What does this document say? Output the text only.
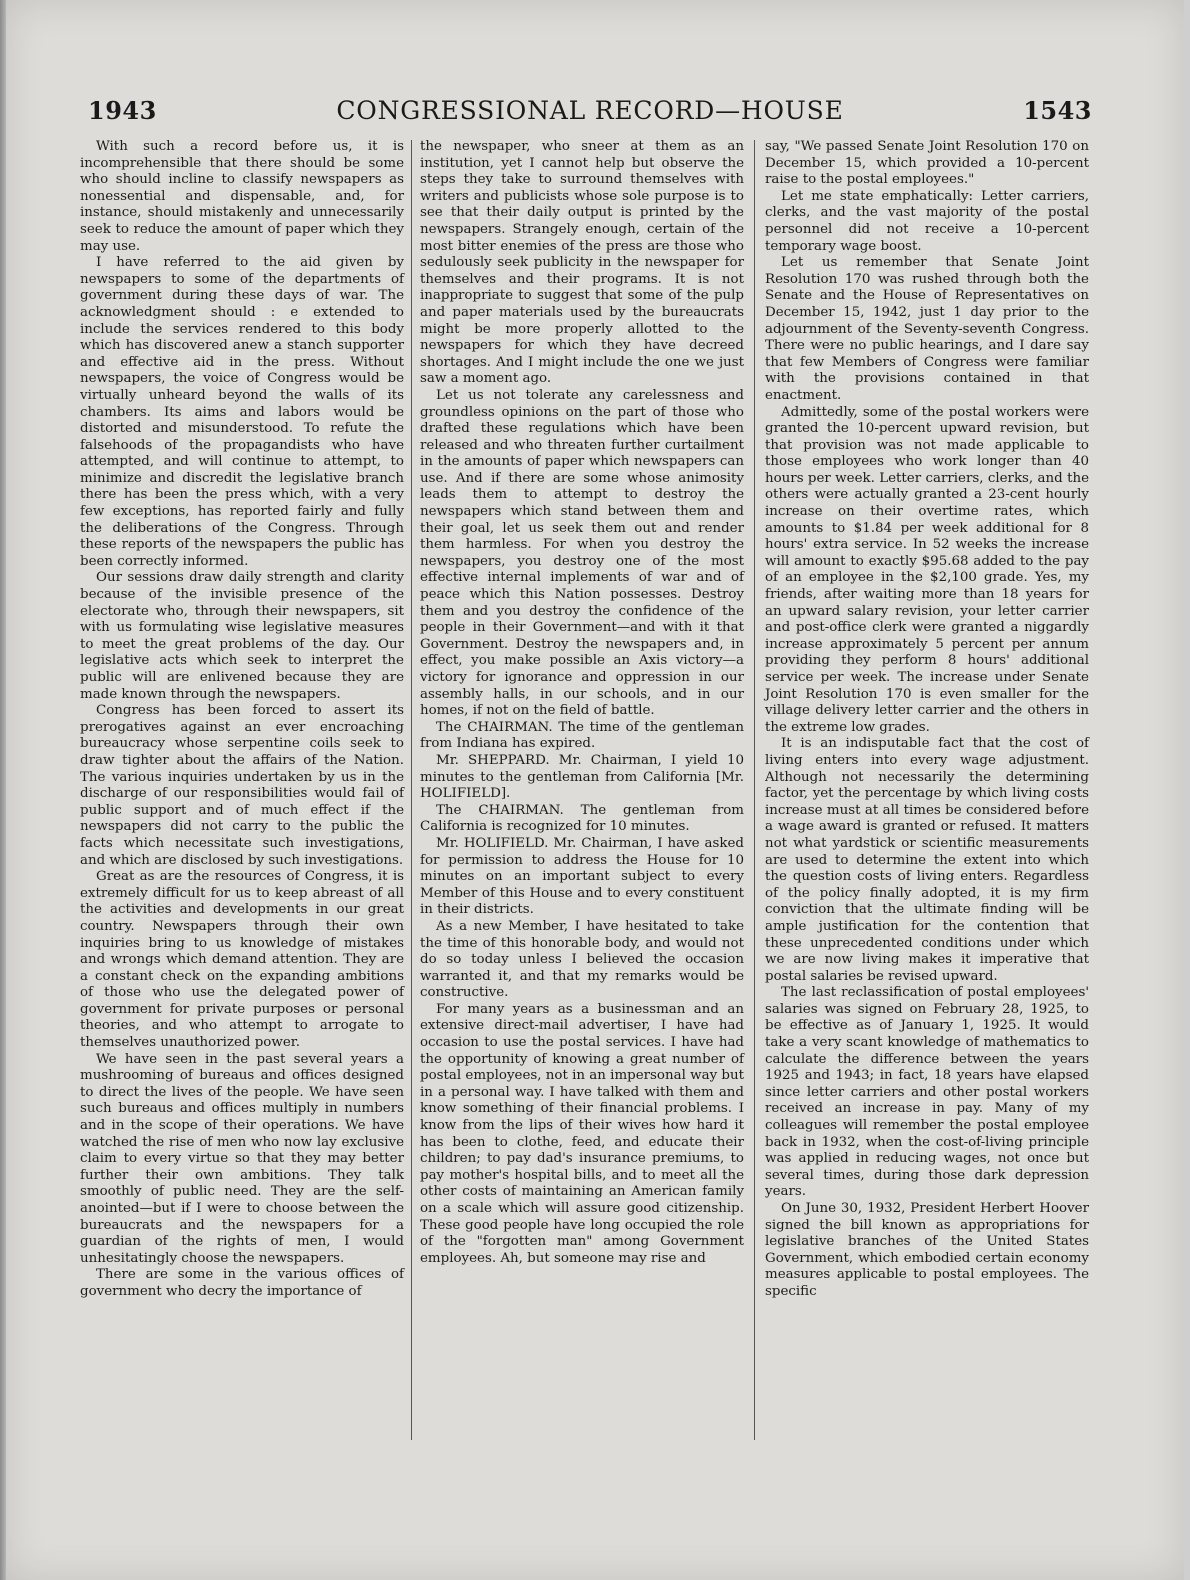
1943	CONGRESSIONAL RECORD—HOUSE	1543

With such a record before us, it is incomprehensible that there should be some who should incline to classify newspapers as nonessential and dispensable, and, for instance, should mistakenly and unnecessarily seek to reduce the amount of paper which they may use.

I have referred to the aid given by newspapers to some of the departments of government during these days of war. The acknowledgment should : e extended to include the services rendered to this body which has discovered anew a stanch supporter and effective aid in the press. Without newspapers, the voice of Congress would be virtually unheard beyond the walls of its chambers. Its aims and labors would be distorted and misunderstood. To refute the falsehoods of the propagandists who have attempted, and will continue to attempt, to minimize and discredit the legislative branch there has been the press which, with a very few exceptions, has reported fairly and fully the deliberations of the Congress. Through these reports of the newspapers the public has been correctly informed.

Our sessions draw daily strength and clarity because of the invisible presence of the electorate who, through their newspapers, sit with us formulating wise legislative measures to meet the great problems of the day. Our legislative acts which seek to interpret the public will are enlivened because they are made known through the newspapers.

Congress has been forced to assert its prerogatives against an ever encroaching bureaucracy whose serpentine coils seek to draw tighter about the affairs of the Nation. The various inquiries undertaken by us in the discharge of our responsibilities would fail of public support and of much effect if the newspapers did not carry to the public the facts which necessitate such investigations, and which are disclosed by such investigations.

Great as are the resources of Congress, it is extremely difficult for us to keep abreast of all the activities and developments in our great country. Newspapers through their own inquiries bring to us knowledge of mistakes and wrongs which demand attention. They are a constant check on the expanding ambitions of those who use the delegated power of government for private purposes or personal theories, and who attempt to arrogate to themselves unauthorized power.

We have seen in the past several years a mushrooming of bureaus and offices designed to direct the lives of the people. We have seen such bureaus and offices multiply in numbers and in the scope of their operations. We have watched the rise of men who now lay exclusive claim to every virtue so that they may better further their own ambitions. They talk smoothly of public need. They are the self-anointed—but if I were to choose between the bureaucrats and the newspapers for a guardian of the rights of men, I would unhesitatingly choose the newspapers.

There are some in the various offices of government who decry the importance of

the newspaper, who sneer at them as an institution, yet I cannot help but observe the steps they take to surround themselves with writers and publicists whose sole purpose is to see that their daily output is printed by the newspapers. Strangely enough, certain of the most bitter enemies of the press are those who sedulously seek publicity in the newspaper for themselves and their programs. It is not inappropriate to suggest that some of the pulp and paper materials used by the bureaucrats might be more properly allotted to the newspapers for which they have decreed shortages. And I might include the one we just saw a moment ago.

Let us not tolerate any carelessness and groundless opinions on the part of those who drafted these regulations which have been released and who threaten further curtailment in the amounts of paper which newspapers can use. And if there are some whose animosity leads them to attempt to destroy the newspapers which stand between them and their goal, let us seek them out and render them harmless. For when you destroy the newspapers, you destroy one of the most effective internal implements of war and of peace which this Nation possesses. Destroy them and you destroy the confidence of the people in their Government—and with it that Government. Destroy the newspapers and, in effect, you make possible an Axis victory—a victory for ignorance and oppression in our assembly halls, in our schools, and in our homes, if not on the field of battle.

The CHAIRMAN. The time of the gentleman from Indiana has expired.

Mr. SHEPPARD. Mr. Chairman, I yield 10 minutes to the gentleman from California [Mr. HOLIFIELD].

The CHAIRMAN. The gentleman from California is recognized for 10 minutes.

Mr. HOLIFIELD. Mr. Chairman, I have asked for permission to address the House for 10 minutes on an important subject to every Member of this House and to every constituent in their districts.

As a new Member, I have hesitated to take the time of this honorable body, and would not do so today unless I believed the occasion warranted it, and that my remarks would be constructive.

For many years as a businessman and an extensive direct-mail advertiser, I have had occasion to use the postal services. I have had the opportunity of knowing a great number of postal employees, not in an impersonal way but in a personal way. I have talked with them and know something of their financial problems. I know from the lips of their wives how hard it has been to clothe, feed, and educate their children; to pay dad's insurance premiums, to pay mother's hospital bills, and to meet all the other costs of maintaining an American family on a scale which will assure good citizenship. These good people have long occupied the role of the "forgotten man" among Government employees. Ah, but someone may rise and

say, "We passed Senate Joint Resolution 170 on December 15, which provided a 10-percent raise to the postal employees."

Let me state emphatically: Letter carriers, clerks, and the vast majority of the postal personnel did not receive a 10-percent temporary wage boost.

Let us remember that Senate Joint Resolution 170 was rushed through both the Senate and the House of Representatives on December 15, 1942, just 1 day prior to the adjournment of the Seventy-seventh Congress. There were no public hearings, and I dare say that few Members of Congress were familiar with the provisions contained in that enactment.

Admittedly, some of the postal workers were granted the 10-percent upward revision, but that provision was not made applicable to those employees who work longer than 40 hours per week. Letter carriers, clerks, and the others were actually granted a 23-cent hourly increase on their overtime rates, which amounts to $1.84 per week additional for 8 hours' extra service. In 52 weeks the increase will amount to exactly $95.68 added to the pay of an employee in the $2,100 grade. Yes, my friends, after waiting more than 18 years for an upward salary revision, your letter carrier and post-office clerk were granted a niggardly increase approximately 5 percent per annum providing they perform 8 hours' additional service per week. The increase under Senate Joint Resolution 170 is even smaller for the village delivery letter carrier and the others in the extreme low grades.

It is an indisputable fact that the cost of living enters into every wage adjustment. Although not necessarily the determining factor, yet the percentage by which living costs increase must at all times be considered before a wage award is granted or refused. It matters not what yardstick or scientific measurements are used to determine the extent into which the question costs of living enters. Regardless of the policy finally adopted, it is my firm conviction that the ultimate finding will be ample justification for the contention that these unprecedented conditions under which we are now living makes it imperative that postal salaries be revised upward.

The last reclassification of postal employees' salaries was signed on February 28, 1925, to be effective as of January 1, 1925. It would take a very scant knowledge of mathematics to calculate the difference between the years 1925 and 1943; in fact, 18 years have elapsed since letter carriers and other postal workers received an increase in pay. Many of my colleagues will remember the postal employee back in 1932, when the cost-of-living principle was applied in reducing wages, not once but several times, during those dark depression years.

On June 30, 1932, President Herbert Hoover signed the bill known as appropriations for legislative branches of the United States Government, which embodied certain economy measures applicable to postal employees. The specific
